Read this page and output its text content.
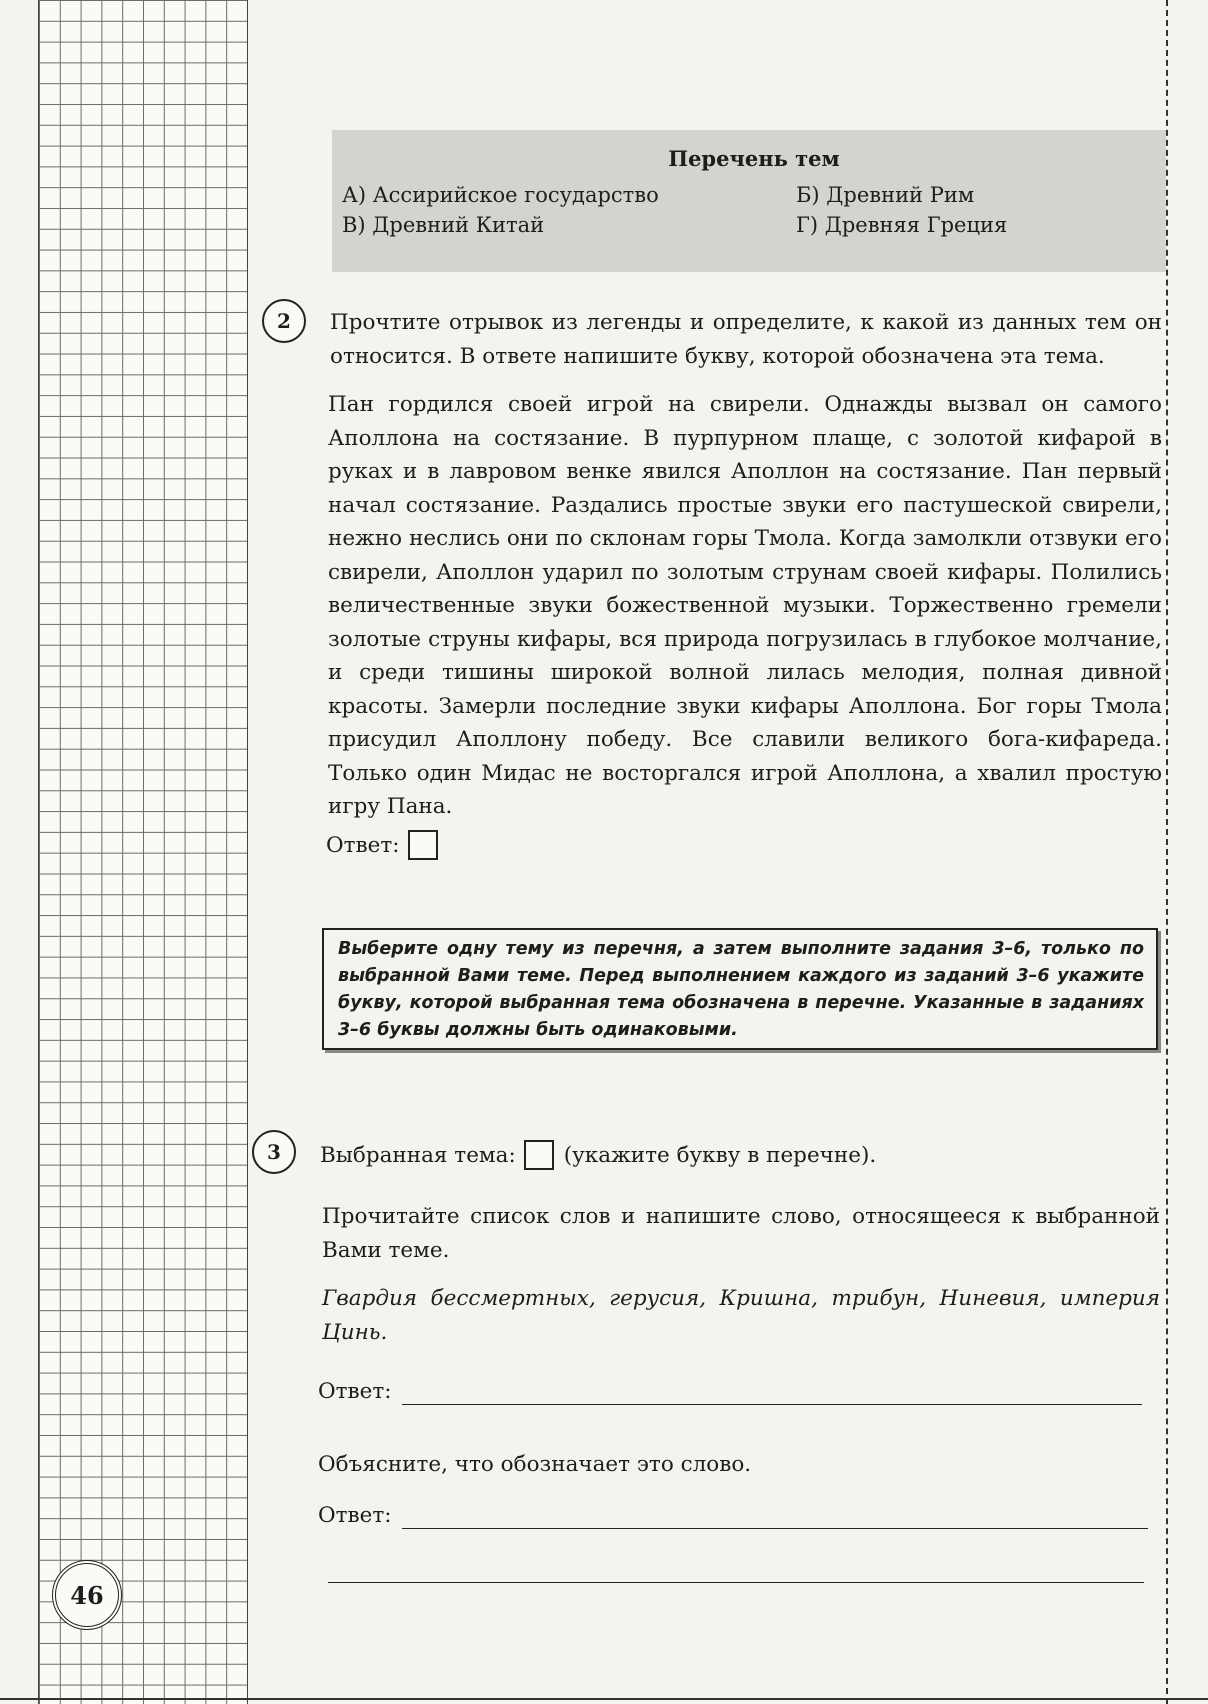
46
Перечень тем
А) Ассирийское государство	Б) Древний Рим
В) Древний Китай	Г) Древняя Греция
2	Прочтите отрывок из легенды и определите, к какой из данных тем он относится. В ответе напишите букву, которой обозначена эта тема.

Пан гордился своей игрой на свирели. Однажды вызвал он самого Аполлона на состязание. В пурпурном плаще, с золотой кифарой в руках и в лавровом венке явился Аполлон на состязание. Пан первый начал состязание. Раздались простые звуки его пастушеской свирели, нежно неслись они по склонам горы Тмола. Когда замолкли отзвуки его свирели, Аполлон ударил по золотым струнам своей кифары. Полились величественные звуки божественной музыки. Торжественно гремели золотые струны кифары, вся природа погрузилась в глубокое молчание, и среди тишины широкой волной лилась мелодия, полная дивной красоты. Замерли последние звуки кифары Аполлона. Бог горы Тмола присудил Аполлону победу. Все славили великого бога-кифареда. Только один Мидас не восторгался игрой Аполлона, а хвалил простую игру Пана.

Ответ:
Выберите одну тему из перечня, а затем выполните задания 3–6, только по выбранной Вами теме. Перед выполнением каждого из заданий 3–6 укажите букву, которой выбранная тема обозначена в перечне. Указанные в заданиях 3–6 буквы должны быть одинаковыми.
3	Выбранная тема: (укажите букву в перечне).

Прочитайте список слов и напишите слово, относящееся к выбранной Вами теме.

Гвардия бессмертных, герусия, Кришна, трибун, Ниневия, империя Цинь.

Ответ:

Объясните, что обозначает это слово.

Ответ:
